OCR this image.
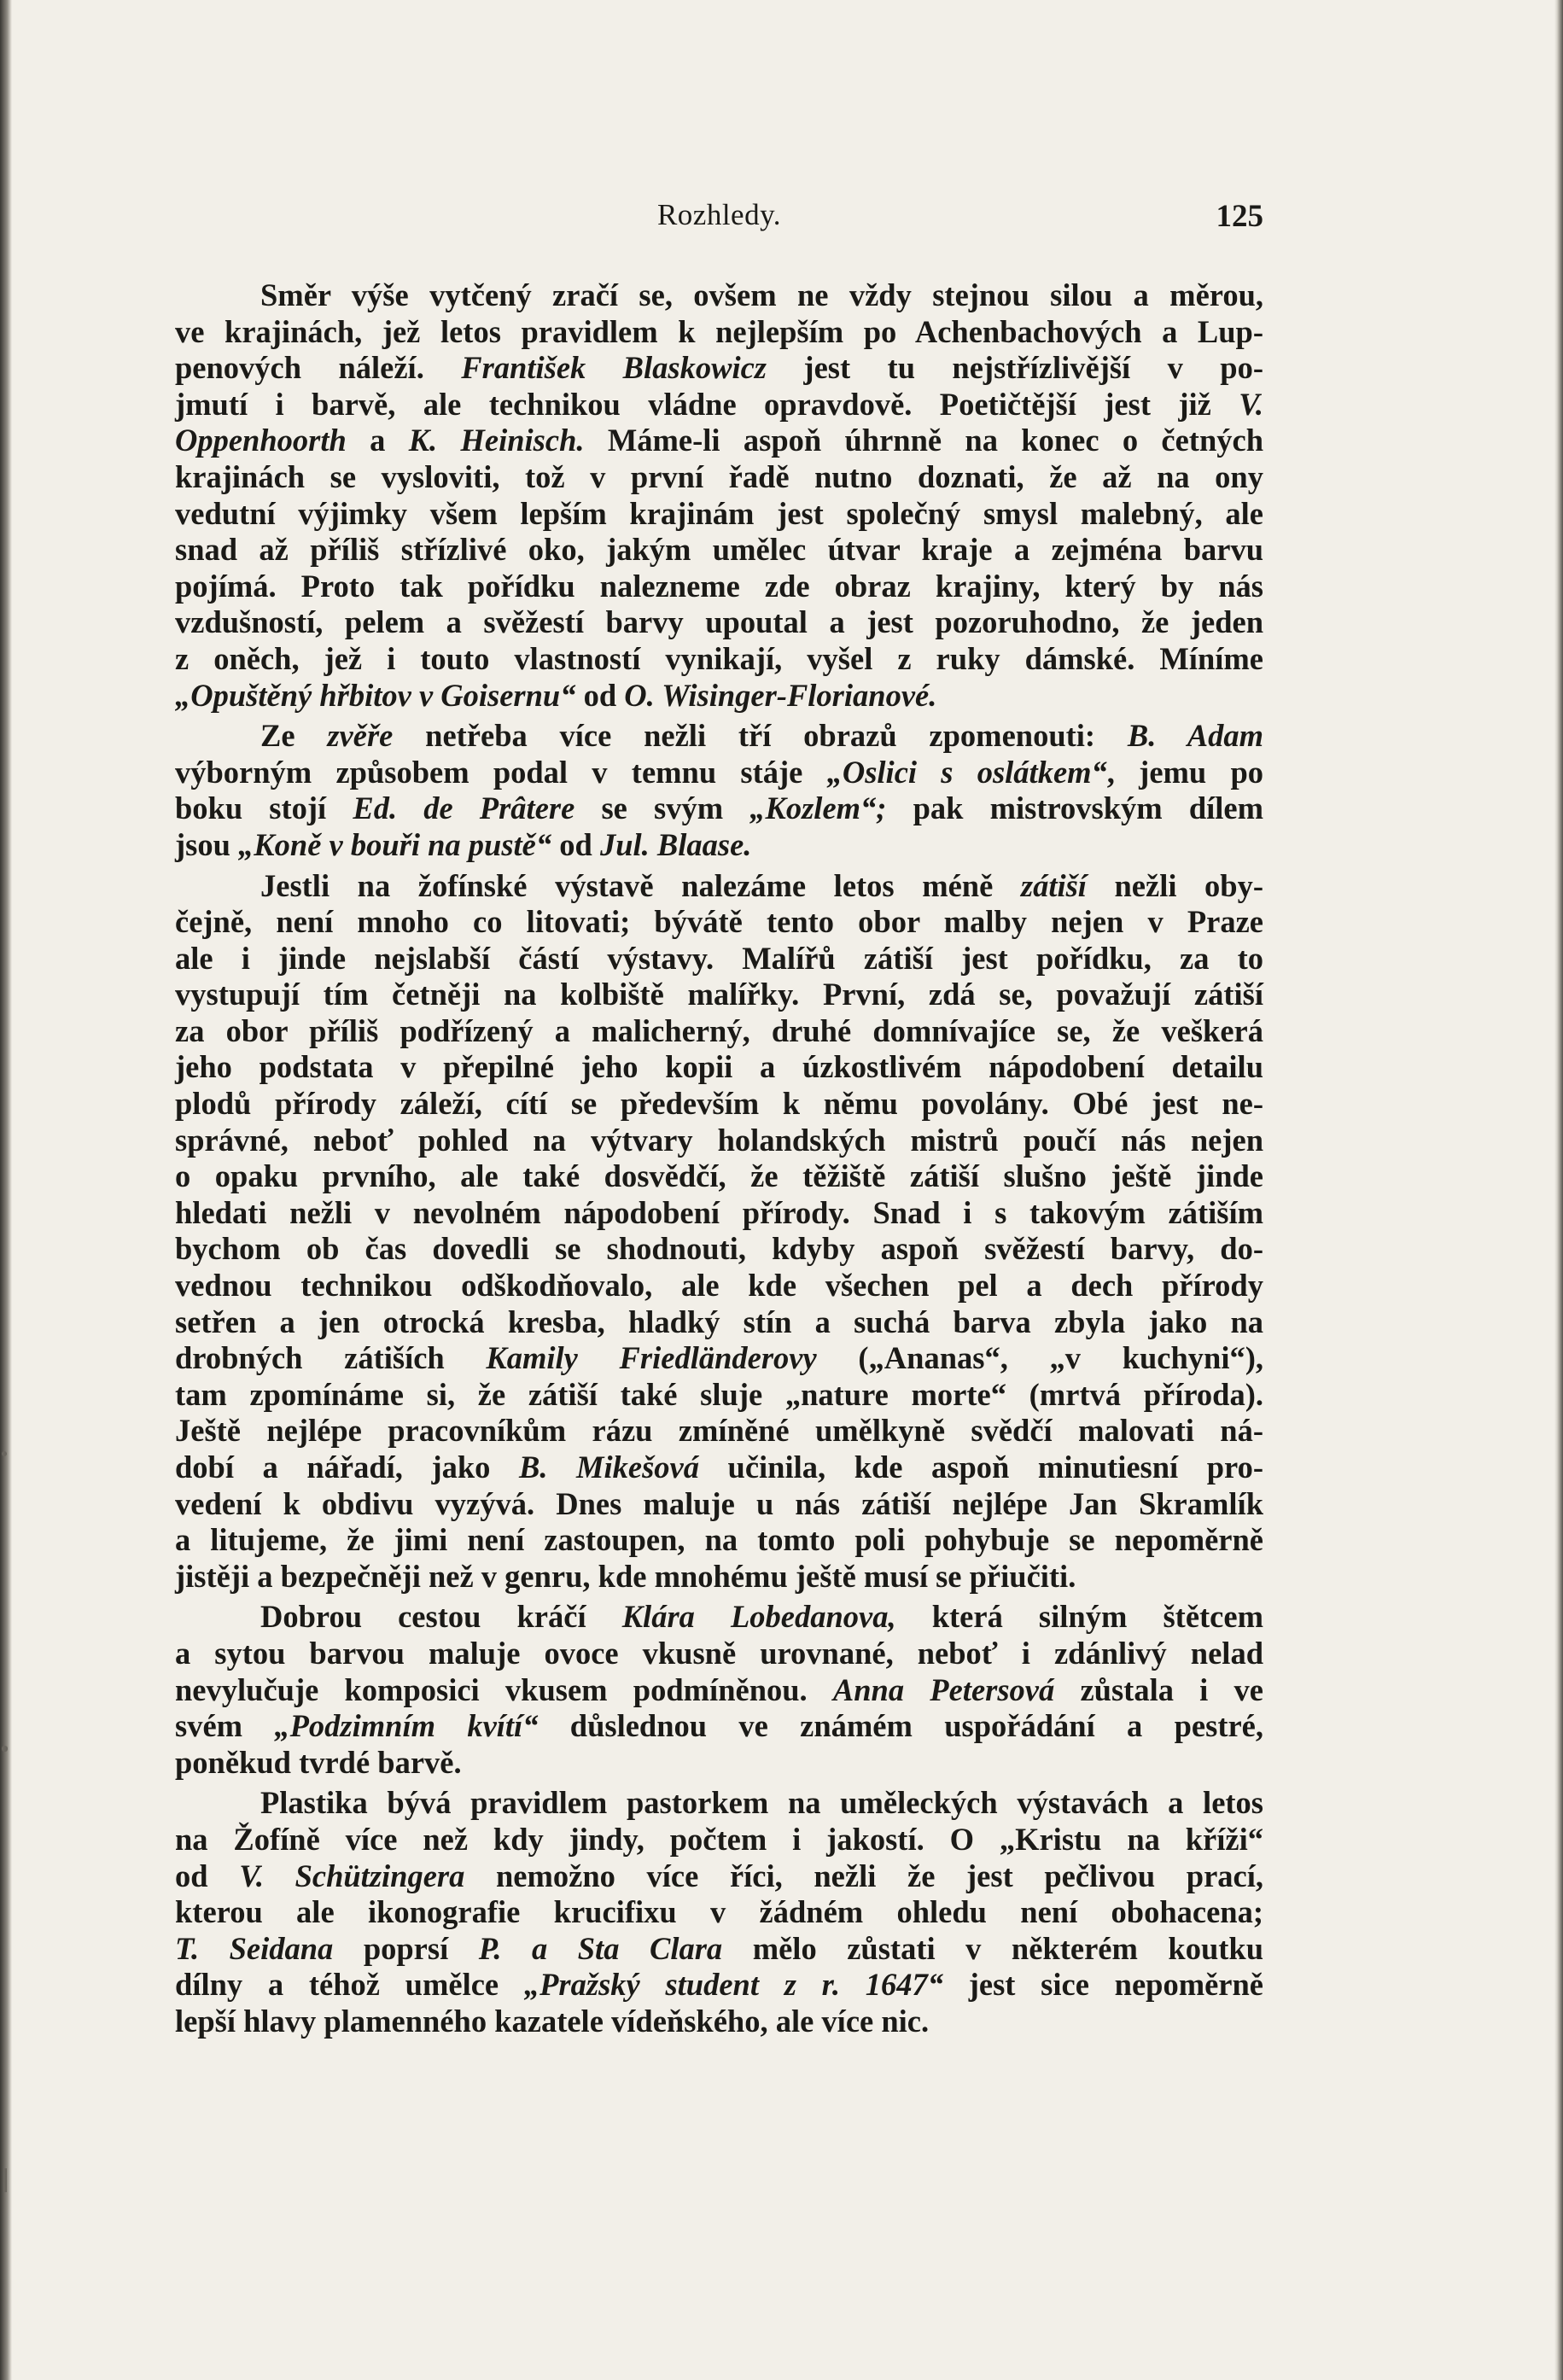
Rozhledy.	125

Směr výše vytčený zračí se, ovšem ne vždy stejnou silou a měrou,
ve krajinách, jež letos pravidlem k nejlepším po Achenbachových a Lup-
penových náleží. František Blaskowicz jest tu nejstřízlivější v po-
jmutí i barvě, ale technikou vládne opravdově. Poetičtější jest již V.
Oppenhoorth a K. Heinisch. Máme-li aspoň úhrnně na konec o četných
krajinách se vysloviti, tož v první řadě nutno doznati, že až na ony
vedutní výjimky všem lepším krajinám jest společný smysl malebný, ale
snad až příliš střízlivé oko, jakým umělec útvar kraje a zejména barvu
pojímá. Proto tak pořídku nalezneme zde obraz krajiny, který by nás
vzdušností, pelem a svěžestí barvy upoutal a jest pozoruhodno, že jeden
z oněch, jež i touto vlastností vynikají, vyšel z ruky dámské. Míníme
„Opuštěný hřbitov v Goisernu“ od O. Wisinger-Florianové.

Ze zvěře netřeba více nežli tří obrazů zpomenouti: B. Adam
výborným způsobem podal v temnu stáje „Oslici s oslátkem“, jemu po
boku stojí Ed. de Prâtere se svým „Kozlem“; pak mistrovským dílem
jsou „Koně v bouři na pustě“ od Jul. Blaase.

Jestli na žofínské výstavě nalezáme letos méně zátiší nežli oby-
čejně, není mnoho co litovati; bývátě tento obor malby nejen v Praze
ale i jinde nejslabší částí výstavy. Malířů zátiší jest pořídku, za to
vystupují tím četněji na kolbiště malířky. První, zdá se, považují zátiší
za obor příliš podřízený a malicherný, druhé domnívajíce se, že veškerá
jeho podstata v přepilné jeho kopii a úzkostlivém nápodobení detailu
plodů přírody záleží, cítí se především k němu povolány. Obé jest ne-
správné, neboť pohled na výtvary holandských mistrů poučí nás nejen
o opaku prvního, ale také dosvědčí, že těžiště zátiší slušno ještě jinde
hledati nežli v nevolném nápodobení přírody. Snad i s takovým zátiším
bychom ob čas dovedli se shodnouti, kdyby aspoň svěžestí barvy, do-
vednou technikou odškodňovalo, ale kde všechen pel a dech přírody
setřen a jen otrocká kresba, hladký stín a suchá barva zbyla jako na
drobných zátiších Kamily Friedländerovy („Ananas“, „v kuchyni“),
tam zpomínáme si, že zátiší také sluje „nature morte“ (mrtvá příroda).
Ještě nejlépe pracovníkům rázu zmíněné umělkyně svědčí malovati ná-
dobí a nářadí, jako B. Mikešová učinila, kde aspoň minutiesní pro-
vedení k obdivu vyzývá. Dnes maluje u nás zátiší nejlépe Jan Skramlík
a litujeme, že jimi není zastoupen, na tomto poli pohybuje se nepoměrně
jistěji a bezpečněji než v genru, kde mnohému ještě musí se přiučiti.

Dobrou cestou kráčí Klára Lobedanova, která silným štětcem
a sytou barvou maluje ovoce vkusně urovnané, neboť i zdánlivý nelad
nevylučuje komposici vkusem podmíněnou. Anna Petersová zůstala i ve
svém „Podzimním kvítí“ důslednou ve známém uspořádání a pestré,
poněkud tvrdé barvě.

Plastika bývá pravidlem pastorkem na uměleckých výstavách a letos
na Žofíně více než kdy jindy, počtem i jakostí. O „Kristu na kříži“
od V. Schützingera nemožno více říci, nežli že jest pečlivou prací,
kterou ale ikonografie krucifixu v žádném ohledu není obohacena;
T. Seidana poprsí P. a Sta Clara mělo zůstati v některém koutku
dílny a téhož umělce „Pražský student z r. 1647“ jest sice nepoměrně
lepší hlavy plamenného kazatele vídeňského, ale více nic.
